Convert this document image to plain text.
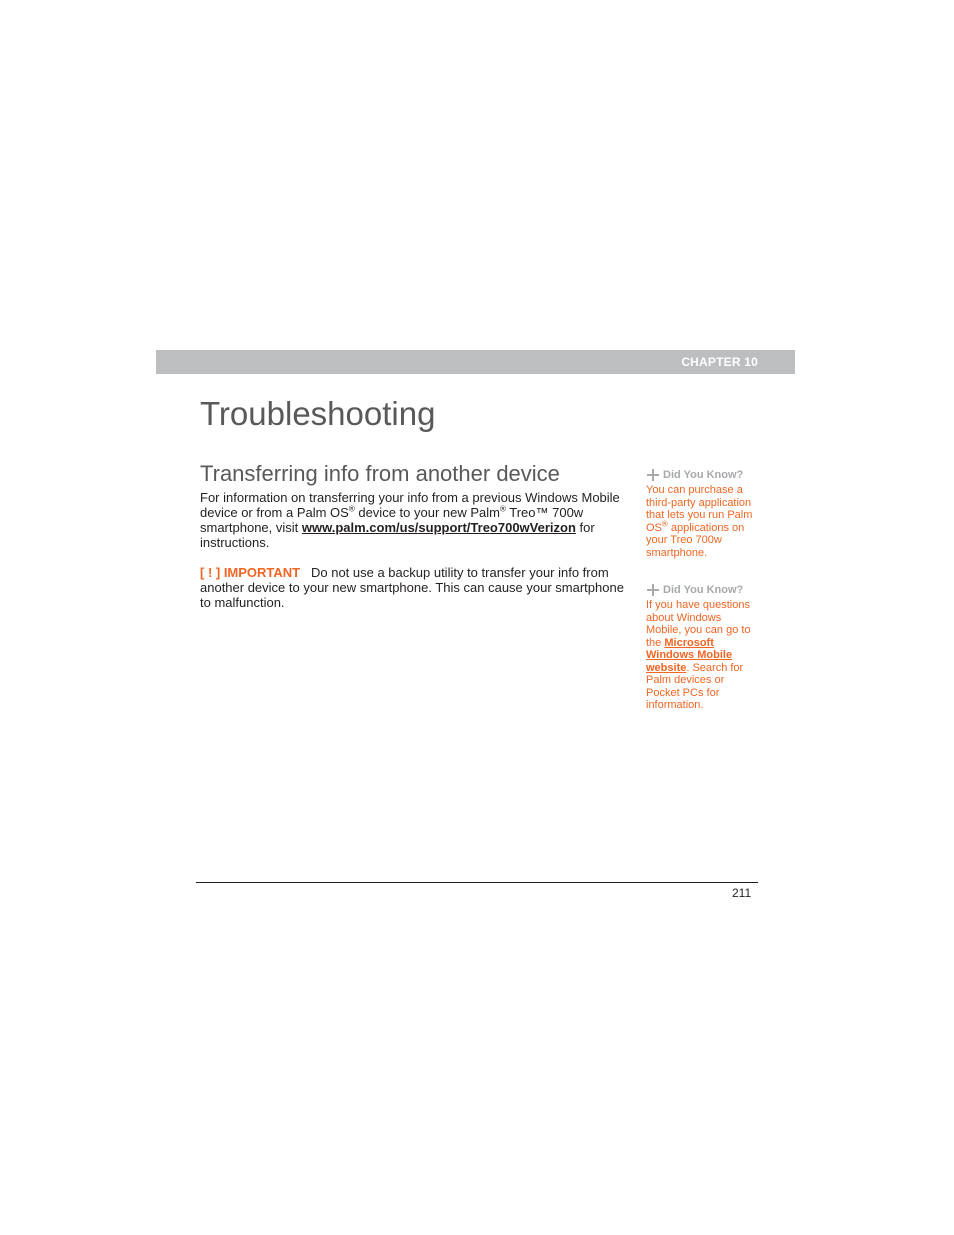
CHAPTER 10
Troubleshooting
Transferring info from another device

For information on transferring your info from a previous Windows Mobile device or from a Palm OS® device to your new Palm® Treo™ 700w smartphone, visit www.palm.com/us/support/Treo700wVerizon for instructions.

[ ! ] IMPORTANT Do not use a backup utility to transfer your info from another device to your new smartphone. This can cause your smartphone to malfunction.

Did You Know?

You can purchase a third-party application that lets you run Palm OS® applications on your Treo 700w smartphone.

Did You Know?

If you have questions about Windows Mobile, you can go to the Microsoft Windows Mobile website. Search for Palm devices or Pocket PCs for information.

211
